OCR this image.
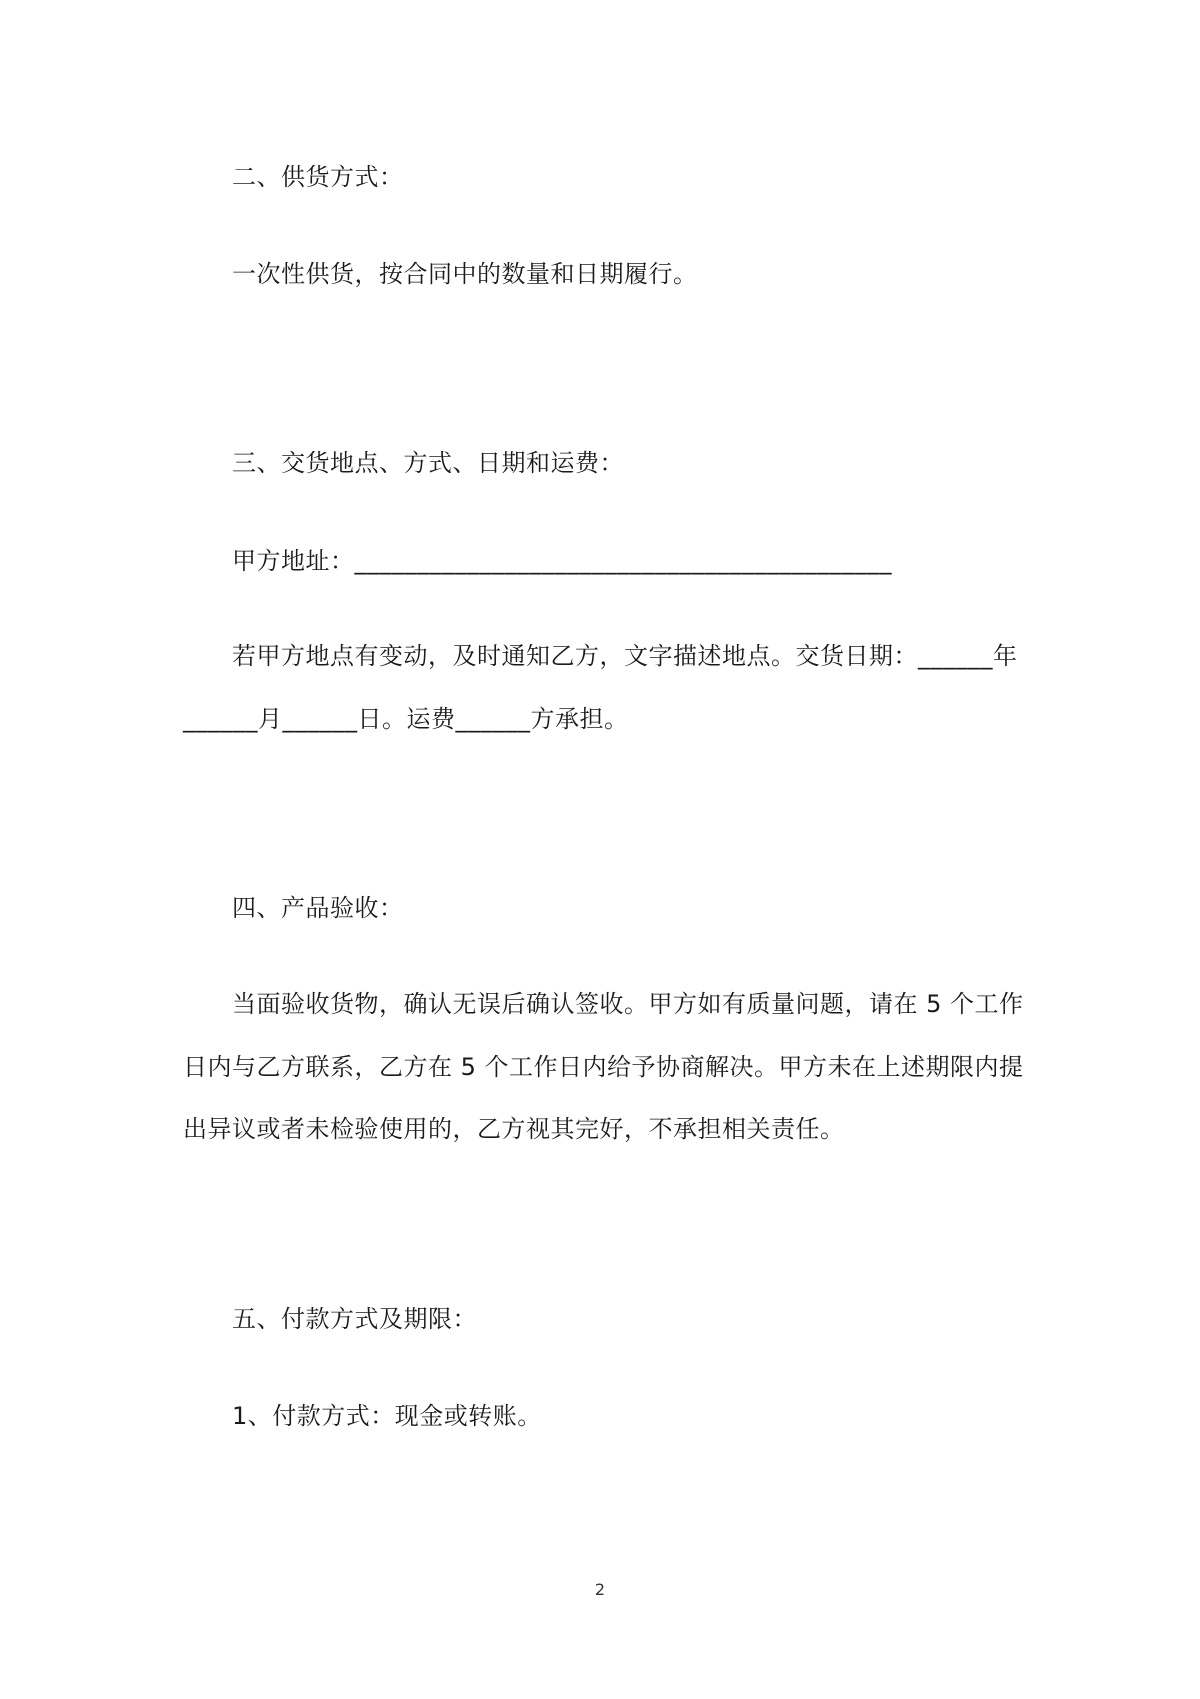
二、供货方式：
一次性供货，按合同中的数量和日期履行。
三、交货地点、方式、日期和运费：
甲方地址：___________________________________________
若甲方地点有变动，及时通知乙方，文字描述地点。交货日期：______年
______月______日。运费______方承担。
四、产品验收：
当面验收货物，确认无误后确认签收。甲方如有质量问题，请在 5 个工作
日内与乙方联系，乙方在 5 个工作日内给予协商解决。甲方未在上述期限内提
出异议或者未检验使用的，乙方视其完好，不承担相关责任。
五、付款方式及期限：
1、付款方式：现金或转账。
2
